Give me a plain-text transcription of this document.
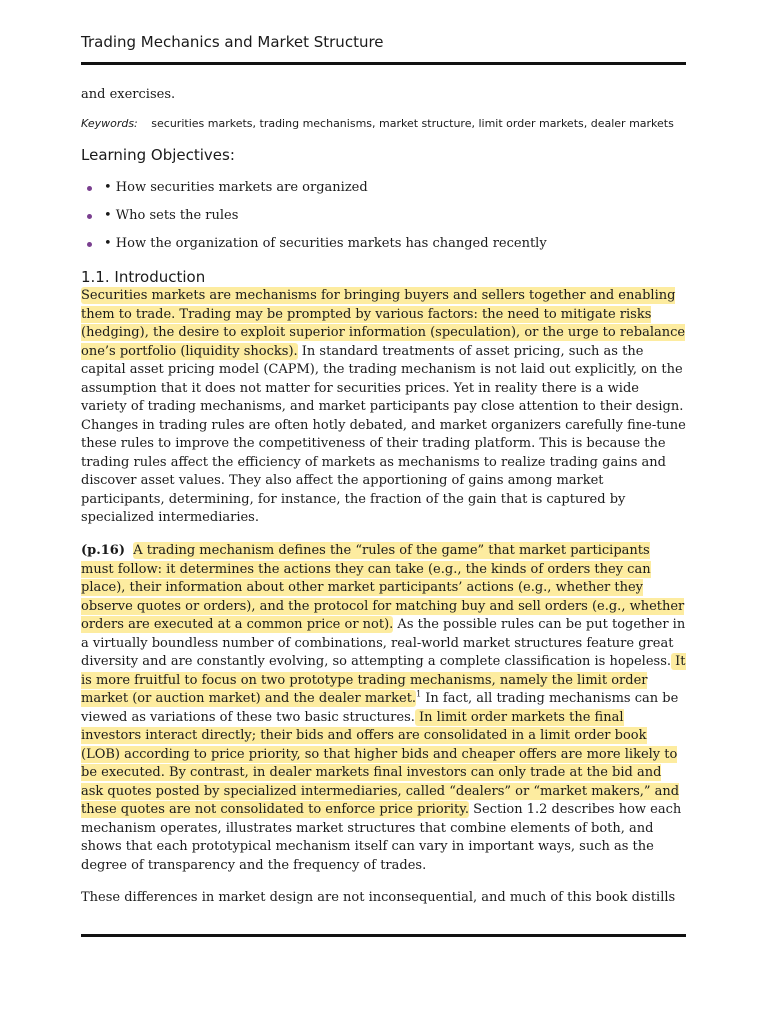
Trading Mechanics and Market Structure
and exercises.
Keywords: securities markets, trading mechanisms, market structure, limit order markets, dealer markets
Learning Objectives:
• How securities markets are organized
• Who sets the rules
• How the organization of securities markets has changed recently
1.1. Introduction

Securities markets are mechanisms for bringing buyers and sellers together and enabling them to trade. Trading may be prompted by various factors: the need to mitigate risks (hedging), the desire to exploit superior information (speculation), or the urge to rebalance one’s portfolio (liquidity shocks). In standard treatments of asset pricing, such as the capital asset pricing model (CAPM), the trading mechanism is not laid out explicitly, on the assumption that it does not matter for securities prices. Yet in reality there is a wide variety of trading mechanisms, and market participants pay close attention to their design. Changes in trading rules are often hotly debated, and market organizers carefully fine-tune these rules to improve the competitiveness of their trading platform. This is because the trading rules affect the efficiency of markets as mechanisms to realize trading gains and discover asset values. They also affect the apportioning of gains among market participants, determining, for instance, the fraction of the gain that is captured by specialized intermediaries.

(p.16) A trading mechanism defines the “rules of the game” that market participants must follow: it determines the actions they can take (e.g., the kinds of orders they can place), their information about other market participants’ actions (e.g., whether they observe quotes or orders), and the protocol for matching buy and sell orders (e.g., whether orders are executed at a common price or not). As the possible rules can be put together in a virtually boundless number of combinations, real-world market structures feature great diversity and are constantly evolving, so attempting a complete classification is hopeless. It is more fruitful to focus on two prototype trading mechanisms, namely the limit order market (or auction market) and the dealer market.$^1$ In fact, all trading mechanisms can be viewed as variations of these two basic structures. In limit order markets the final investors interact directly; their bids and offers are consolidated in a limit order book (LOB) according to price priority, so that higher bids and cheaper offers are more likely to be executed. By contrast, in dealer markets final investors can only trade at the bid and ask quotes posted by specialized intermediaries, called “dealers” or “market makers,” and these quotes are not consolidated to enforce price priority. Section 1.2 describes how each mechanism operates, illustrates market structures that combine elements of both, and shows that each prototypical mechanism itself can vary in important ways, such as the degree of transparency and the frequency of trades.

These differences in market design are not inconsequential, and much of this book distills
